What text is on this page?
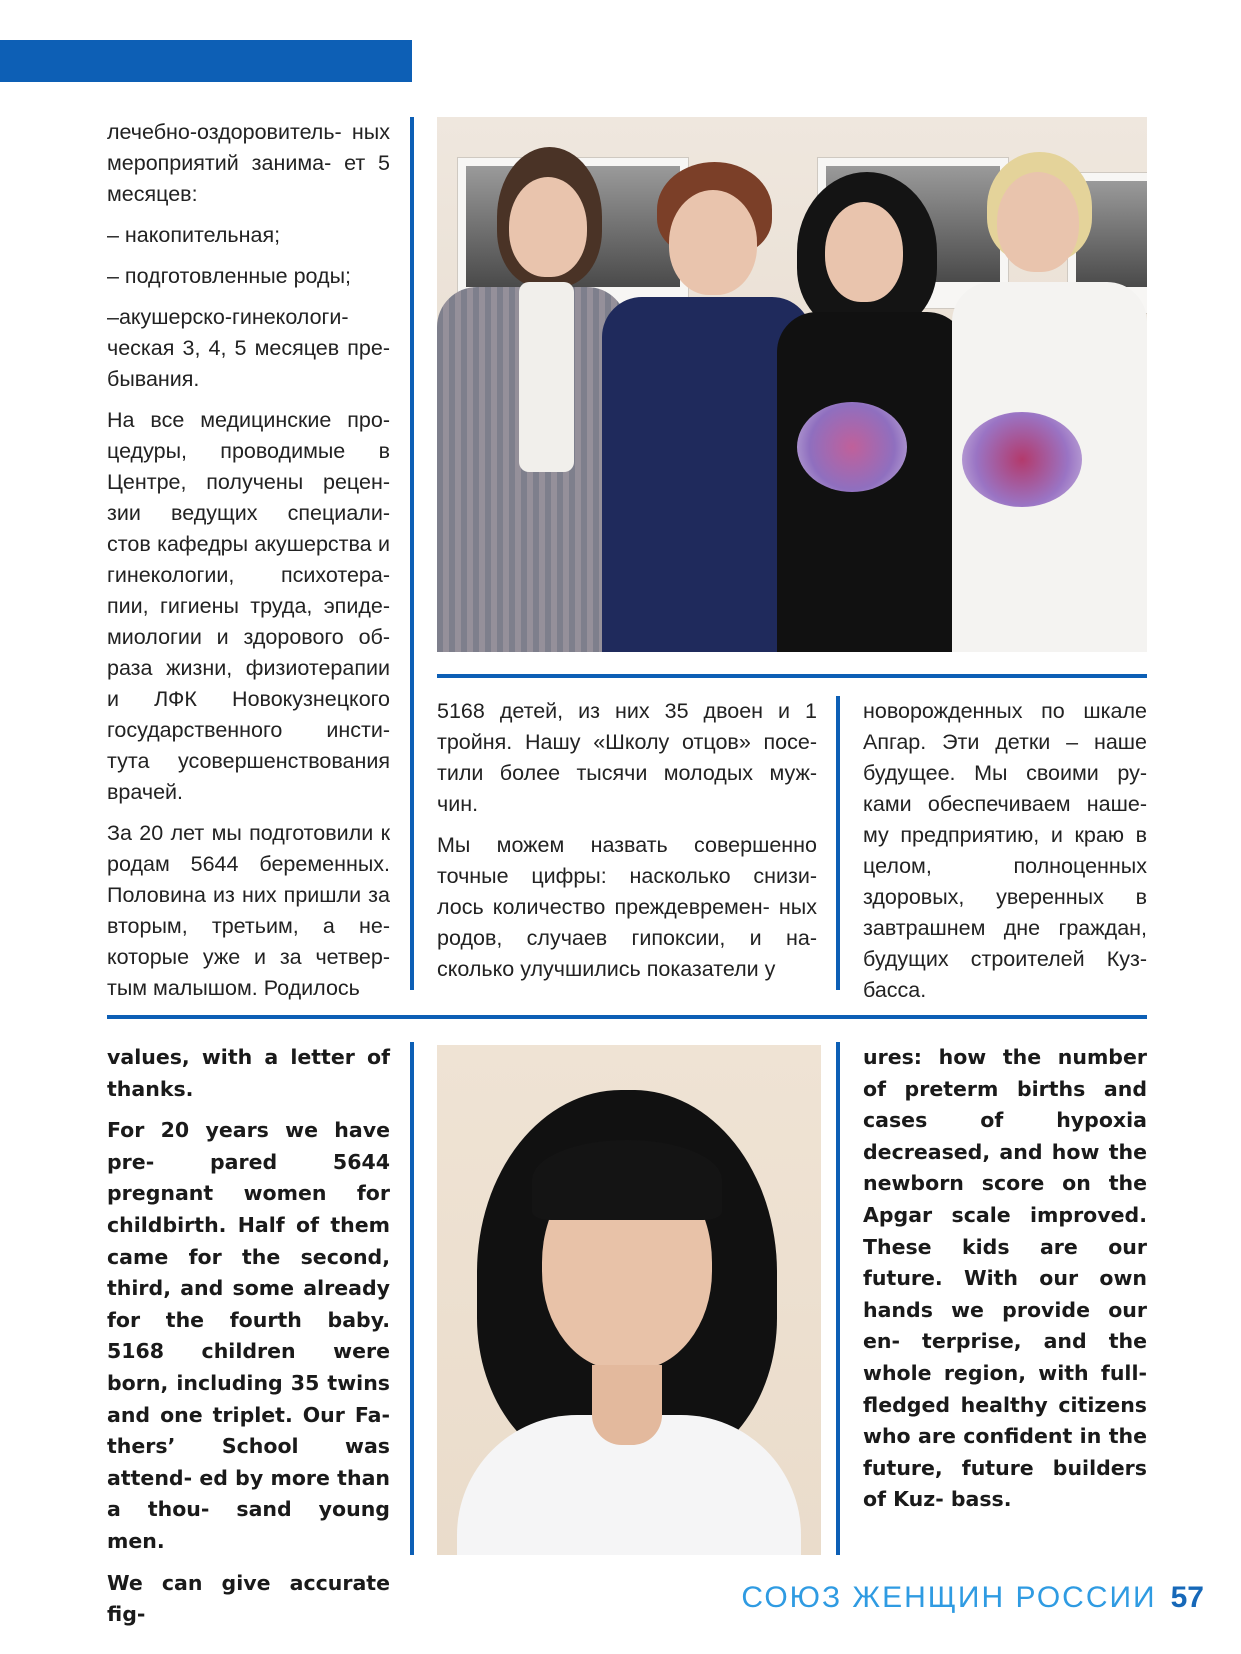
лечебно-оздоровитель- ных мероприятий занима- ет 5 месяцев:

– накопительная;

– подготовленные роды;

–акушерско-гинекологи- ческая 3, 4, 5 месяцев пре- бывания.

На все медицинские про- цедуры, проводимые в Центре, получены рецен- зии ведущих специали- стов кафедры акушерства и гинекологии, психотера- пии, гигиены труда, эпиде- миологии и здорового об- раза жизни, физиотерапии и ЛФК Новокузнецкого государственного инсти- тута усовершенствования врачей.

За 20 лет мы подготовили к родам 5644 беременных. Половина из них пришли за вторым, третьим, а не- которые уже и за четвер- тым малышом. Родилось

5168 детей, из них 35 двоен и 1 тройня. Нашу «Школу отцов» посе- тили более тысячи молодых муж- чин.

Мы можем назвать совершенно точные цифры: насколько снизи- лось количество преждевремен- ных родов, случаев гипоксии, и на- сколько улучшились показатели у

новорожденных по шкале Апгар. Эти детки – наше будущее. Мы своими ру- ками обеспечиваем наше- му предприятию, и краю в целом, полноценных здоровых, уверенных в завтрашнем дне граждан, будущих строителей Куз- басса.

values, with a letter of thanks.

For 20 years we have pre- pared 5644 pregnant women for childbirth. Half of them came for the second, third, and some already for the fourth baby. 5168 children were born, including 35 twins and one triplet. Our Fa- thers’ School was attend- ed by more than a thou- sand young men.

We can give accurate fig-

ures: how the number of preterm births and cases of hypoxia decreased, and how the newborn score on the Apgar scale improved. These kids are our future. With our own hands we provide our en- terprise, and the whole region, with full-fledged healthy citizens who are confident in the future, future builders of Kuz- bass.

СОЮЗ ЖЕНЩИН РОССИИ 57
